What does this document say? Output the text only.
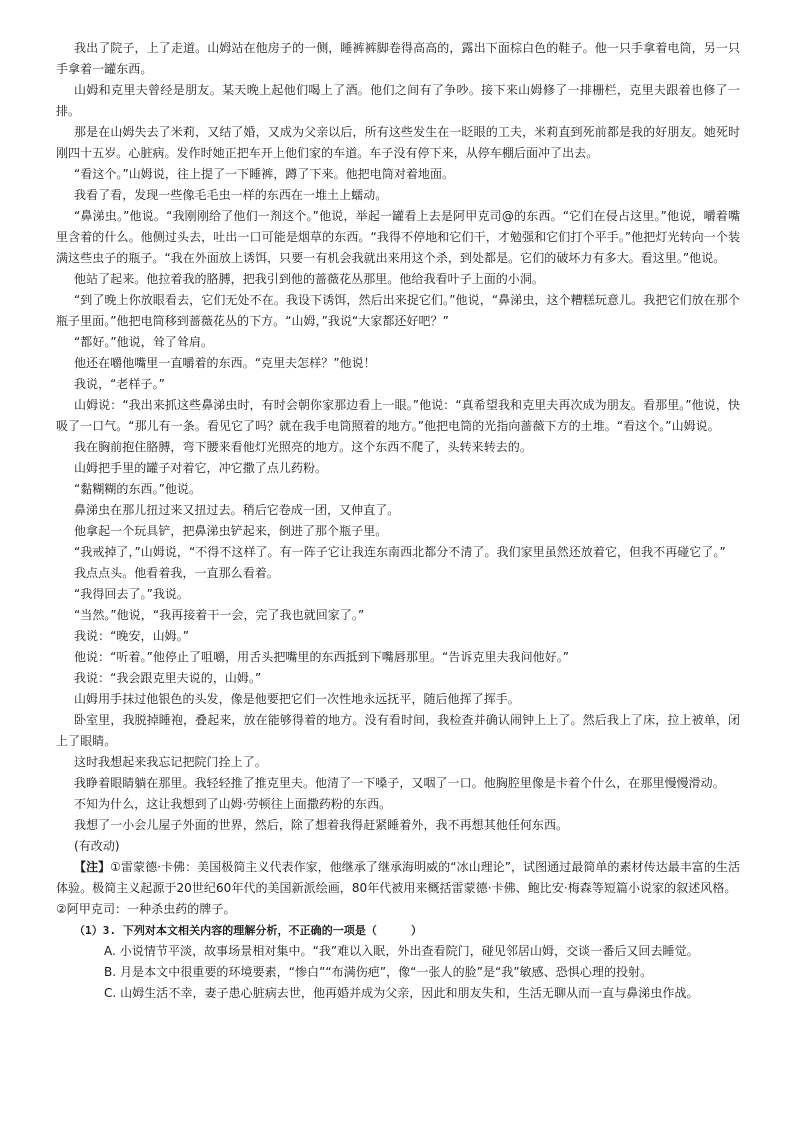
我出了院子，上了走道。山姆站在他房子的一侧，睡裤裤脚卷得高高的，露出下面棕白色的鞋子。他一只手拿着电筒，另一只手拿着一罐东西。

山姆和克里夫曾经是朋友。某天晚上起他们喝上了酒。他们之间有了争吵。接下来山姆修了一排栅栏，克里夫跟着也修了一排。

那是在山姆失去了米莉，又结了婚，又成为父亲以后，所有这些发生在一眨眼的工夫，米莉直到死前都是我的好朋友。她死时刚四十五岁。心脏病。发作时她正把车开上他们家的车道。车子没有停下来，从停车棚后面冲了出去。

“看这个。”山姆说，往上提了一下睡裤，蹲了下来。他把电筒对着地面。

我看了看，发现一些像毛毛虫一样的东西在一堆土上蠕动。

“鼻涕虫。”他说。“我刚刚给了他们一剂这个。”他说，举起一罐看上去是阿甲克司@的东西。“它们在侵占这里。”他说，嚼着嘴里含着的什么。他侧过头去，吐出一口可能是烟草的东西。“我得不停地和它们干，才勉强和它们打个平手。”他把灯光转向一个装满这些虫子的瓶子。“我在外面放上诱饵，只要一有机会我就出来用这个杀，到处都是。它们的破坏力有多大。看这里。”他说。

他站了起来。他拉着我的胳膊，把我引到他的蔷薇花丛那里。他给我看叶子上面的小洞。

“到了晚上你放眼看去，它们无处不在。我设下诱饵，然后出来捉它们。”他说，“鼻涕虫，这个糟糕玩意儿。我把它们放在那个瓶子里面。”他把电筒移到蔷薇花丛的下方。“山姆，”我说“大家都还好吧？”

“都好。”他说，耸了耸肩。

他还在嚼他嘴里一直嚼着的东西。“克里夫怎样？”他说！

我说，“老样子。”

山姆说：“我出来抓这些鼻涕虫时，有时会朝你家那边看上一眼。”他说：“真希望我和克里夫再次成为朋友。看那里。”他说，快吸了一口气。“那儿有一条。看见它了吗？就在我手电筒照着的地方。”他把电筒的光指向蔷薇下方的土堆。“看这个。”山姆说。

我在胸前抱住胳膊，弯下腰来看他灯光照亮的地方。这个东西不爬了，头转来转去的。

山姆把手里的罐子对着它，冲它撒了点儿药粉。

“黏糊糊的东西。”他说。

鼻涕虫在那儿扭过来又扭过去。稍后它卷成一团，又伸直了。

他拿起一个玩具铲，把鼻涕虫铲起来，倒进了那个瓶子里。

“我戒掉了，”山姆说，“不得不这样了。有一阵子它让我连东南西北都分不清了。我们家里虽然还放着它，但我不再碰它了。”

我点点头。他看着我，一直那么看着。

“我得回去了。”我说。

“当然。”他说，“我再接着干一会，完了我也就回家了。”

我说：“晚安，山姆。”

他说：“听着。”他停止了咀嚼，用舌头把嘴里的东西抵到下嘴唇那里。“告诉克里夫我问他好。”

我说：“我会跟克里夫说的，山姆。”

山姆用手抹过他银色的头发，像是他要把它们一次性地永远抚平，随后他挥了挥手。

卧室里，我脱掉睡袍，叠起来，放在能够得着的地方。没有看时间，我检查并确认闹钟上上了。然后我上了床，拉上被单，闭上了眼睛。

这时我想起来我忘记把院门拴上了。

我睁着眼睛躺在那里。我轻轻推了推克里夫。他清了一下嗓子，又咽了一口。他胸腔里像是卡着个什么，在那里慢慢滑动。

不知为什么，这让我想到了山姆·劳顿往上面撒药粉的东西。

我想了一小会儿屋子外面的世界，然后，除了想着我得赶紧睡着外，我不再想其他任何东西。

(有改动)

【注】①雷蒙德·卡佛：美国极简主义代表作家，他继承了继承海明威的“冰山理论”，试图通过最简单的素材传达最丰富的生活体验。极简主义起源于20世纪60年代的美国新派绘画，80年代被用来概括雷蒙德·卡佛、鲍比安·梅森等短篇小说家的叙述风格。

②阿甲克司：一种杀虫药的牌子。

（1）3. 下列对本文相关内容的理解分析，不正确的一项是（	）

A. 小说情节平淡，故事场景相对集中。“我”难以入眠，外出查看院门，碰见邻居山姆，交谈一番后又回去睡觉。

B. 月是本文中很重要的环境要素，“惨白”“布满伤疤”，像“一张人的脸”是“我”敏感、恐惧心理的投射。

C. 山姆生活不幸，妻子患心脏病去世，他再婚并成为父亲，因此和朋友失和，生活无聊从而一直与鼻涕虫作战。
